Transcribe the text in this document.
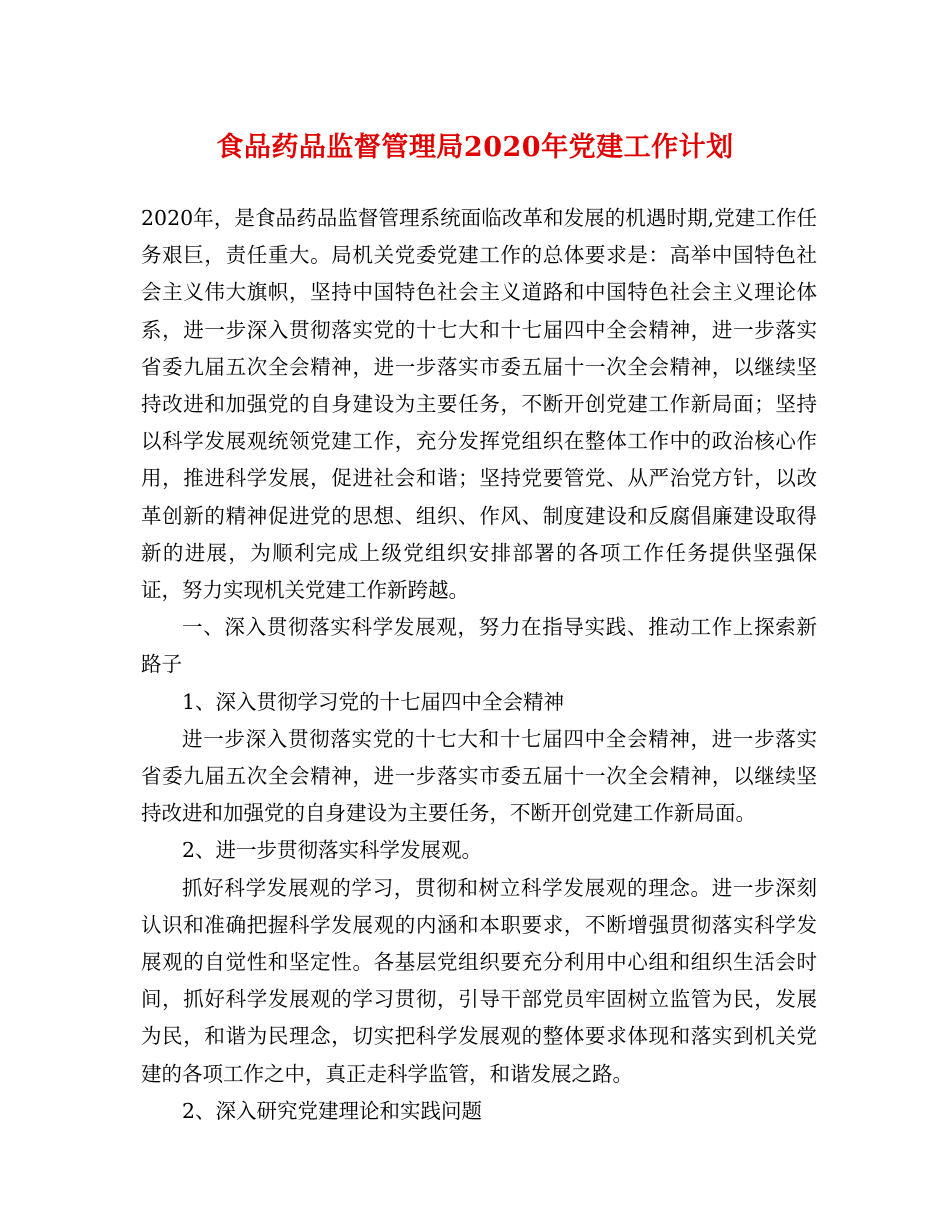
食品药品监督管理局2020年党建工作计划

2020年，是食品药品监督管理系统面临改革和发展的机遇时期,党建工作任务艰巨，责任重大。局机关党委党建工作的总体要求是：高举中国特色社会主义伟大旗帜，坚持中国特色社会主义道路和中国特色社会主义理论体系，进一步深入贯彻落实党的十七大和十七届四中全会精神，进一步落实省委九届五次全会精神，进一步落实市委五届十一次全会精神，以继续坚持改进和加强党的自身建设为主要任务，不断开创党建工作新局面；坚持以科学发展观统领党建工作，充分发挥党组织在整体工作中的政治核心作用，推进科学发展，促进社会和谐；坚持党要管党、从严治党方针，以改革创新的精神促进党的思想、组织、作风、制度建设和反腐倡廉建设取得新的进展，为顺利完成上级党组织安排部署的各项工作任务提供坚强保证，努力实现机关党建工作新跨越。

一、深入贯彻落实科学发展观，努力在指导实践、推动工作上探索新路子

1、深入贯彻学习党的十七届四中全会精神

进一步深入贯彻落实党的十七大和十七届四中全会精神，进一步落实省委九届五次全会精神，进一步落实市委五届十一次全会精神，以继续坚持改进和加强党的自身建设为主要任务，不断开创党建工作新局面。

2、进一步贯彻落实科学发展观。

抓好科学发展观的学习，贯彻和树立科学发展观的理念。进一步深刻认识和准确把握科学发展观的内涵和本职要求，不断增强贯彻落实科学发展观的自觉性和坚定性。各基层党组织要充分利用中心组和组织生活会时间，抓好科学发展观的学习贯彻，引导干部党员牢固树立监管为民，发展为民，和谐为民理念，切实把科学发展观的整体要求体现和落实到机关党建的各项工作之中，真正走科学监管，和谐发展之路。

2、深入研究党建理论和实践问题
